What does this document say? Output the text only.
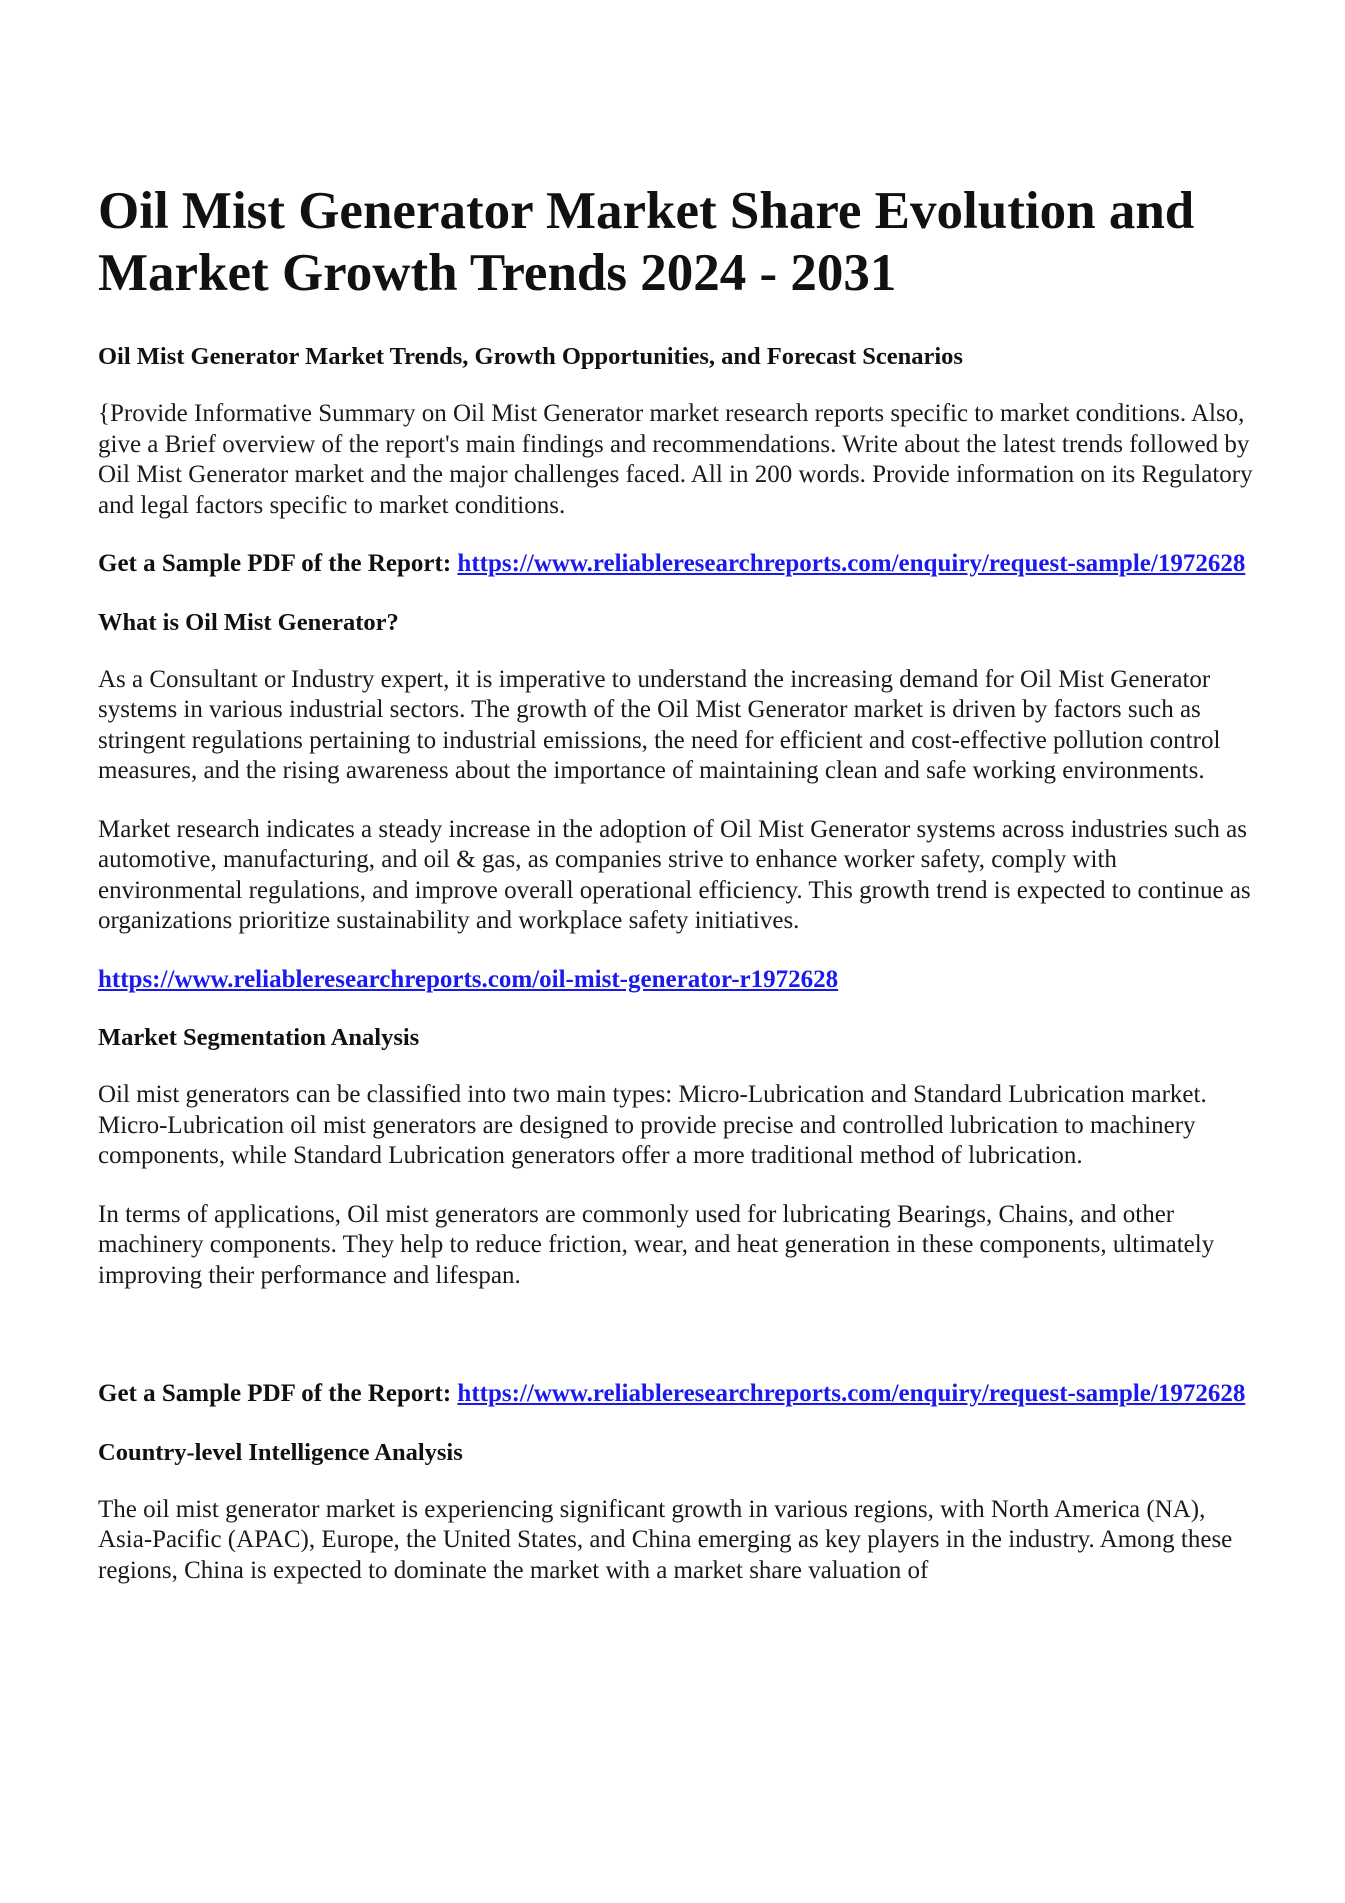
Oil Mist Generator Market Share Evolution and Market Growth Trends 2024 - 2031
Oil Mist Generator Market Trends, Growth Opportunities, and Forecast Scenarios

{Provide Informative Summary on Oil Mist Generator market research reports specific to market conditions. Also, give a Brief overview of the report's main findings and recommendations. Write about the latest trends followed by Oil Mist Generator market and the major challenges faced. All in 200 words. Provide information on its Regulatory and legal factors specific to market conditions.

Get a Sample PDF of the Report: https://www.reliableresearchreports.com/enquiry/request-sample/1972628

What is Oil Mist Generator?

As a Consultant or Industry expert, it is imperative to understand the increasing demand for Oil Mist Generator systems in various industrial sectors. The growth of the Oil Mist Generator market is driven by factors such as stringent regulations pertaining to industrial emissions, the need for efficient and cost-effective pollution control measures, and the rising awareness about the importance of maintaining clean and safe working environments.

Market research indicates a steady increase in the adoption of Oil Mist Generator systems across industries such as automotive, manufacturing, and oil & gas, as companies strive to enhance worker safety, comply with environmental regulations, and improve overall operational efficiency. This growth trend is expected to continue as organizations prioritize sustainability and workplace safety initiatives.

https://www.reliableresearchreports.com/oil-mist-generator-r1972628

Market Segmentation Analysis

Oil mist generators can be classified into two main types: Micro-Lubrication and Standard Lubrication market. Micro-Lubrication oil mist generators are designed to provide precise and controlled lubrication to machinery components, while Standard Lubrication generators offer a more traditional method of lubrication.

In terms of applications, Oil mist generators are commonly used for lubricating Bearings, Chains, and other machinery components. They help to reduce friction, wear, and heat generation in these components, ultimately improving their performance and lifespan.

Get a Sample PDF of the Report: https://www.reliableresearchreports.com/enquiry/request-sample/1972628

Country-level Intelligence Analysis

The oil mist generator market is experiencing significant growth in various regions, with North America (NA), Asia-Pacific (APAC), Europe, the United States, and China emerging as key players in the industry. Among these regions, China is expected to dominate the market with a market share valuation of
